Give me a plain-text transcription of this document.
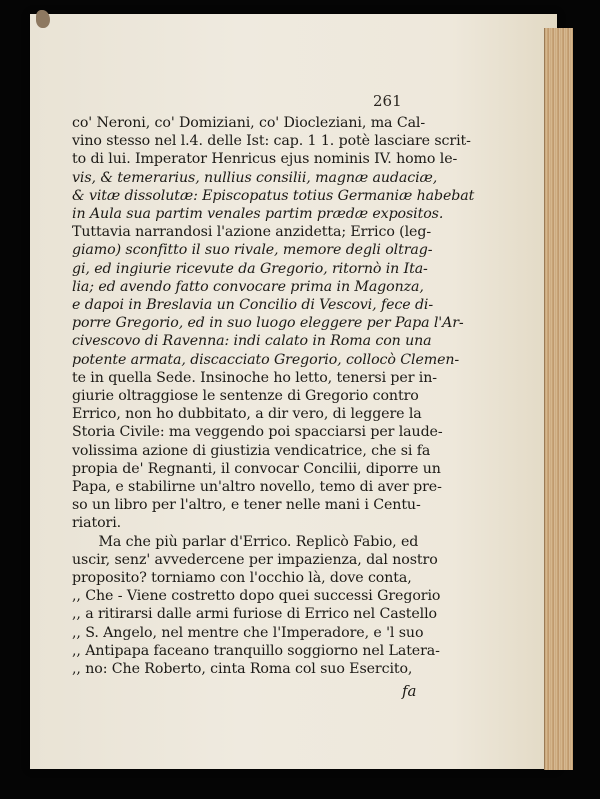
261
co' Neroni, co' Domiziani, co' Diocleziani, ma Cal-
vino stesso nel l.4. delle Ist: cap. 1 1. potè lasciare scrit-
to di lui. Imperator Henricus ejus nominis IV. homo le-
vis, & temerarius, nullius consilii, magnæ audaciæ,
& vitæ dissolutæ: Episcopatus totius Germaniæ habebat
in Aula sua partim venales partim prædæ expositos.
Tuttavia narrandosi l'azione anzidetta; Errico (leg-
giamo) sconfitto il suo rivale, memore degli oltrag-
gi, ed ingiurie ricevute da Gregorio, ritornò in Ita-
lia; ed avendo fatto convocare prima in Magonza,
e dapoi in Breslavia un Concilio di Vescovi, fece di-
porre Gregorio, ed in suo luogo eleggere per Papa l'Ar-
civescovo di Ravenna: indi calato in Roma con una
potente armata, discacciato Gregorio, collocò Clemen-
te in quella Sede. Insinoche ho letto, tenersi per in-
giurie oltraggiose le sentenze di Gregorio contro
Errico, non ho dubbitato, a dir vero, di leggere la
Storia Civile: ma veggendo poi spacciarsi per laude-
volissima azione di giustizia vendicatrice, che si fa
propia de' Regnanti, il convocar Concilii, diporre un
Papa, e stabilirne un'altro novello, temo di aver pre-
so un libro per l'altro, e tener nelle mani i Centu-
riatori.
Ma che più parlar d'Errico. Replicò Fabio, ed
uscir, senz' avvedercene per impazienza, dal nostro
proposito? torniamo con l'occhio là, dove conta,
,, Che - Viene costretto dopo quei successi Gregorio
,, a ritirarsi dalle armi furiose di Errico nel Castello
,, S. Angelo, nel mentre che l'Imperadore, e 'l suo
,, Antipapa faceano tranquillo soggiorno nel Latera-
,, no: Che Roberto, cinta Roma col suo Esercito,
fa
